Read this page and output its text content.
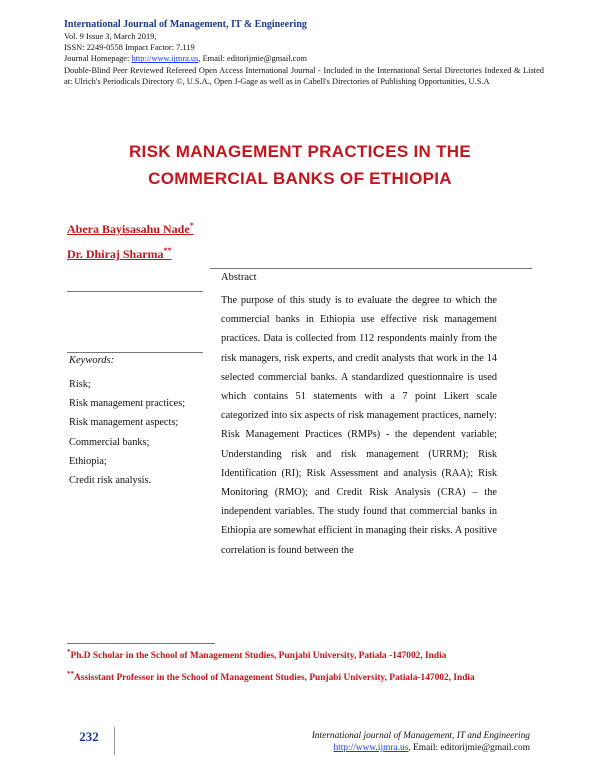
International Journal of Management, IT & Engineering
Vol. 9 Issue 3, March 2019,
ISSN: 2249-0558 Impact Factor: 7.119
Journal Homepage: http://www.ijmra.us, Email: editorijmie@gmail.com
Double-Blind Peer Reviewed Refereed Open Access International Journal - Included in the International Serial Directories Indexed & Listed at: Ulrich's Periodicals Directory ©, U.S.A., Open J-Gage as well as in Cabell's Directories of Publishing Opportunities, U.S.A
RISK MANAGEMENT PRACTICES IN THE
COMMERCIAL BANKS OF ETHIOPIA
Abera Bayisasahu Nade*
Dr. Dhiraj Sharma**
Abstract
The purpose of this study is to evaluate the degree to which the commercial banks in Ethiopia use effective risk management practices. Data is collected from 112 respondents mainly from the risk managers, risk experts, and credit analysts that work in the 14 selected commercial banks. A standardized questionnaire is used which contains 51 statements with a 7 point Likert scale categorized into six aspects of risk management practices, namely: Risk Management Practices (RMPs) - the dependent variable; Understanding risk and risk management (URRM); Risk Identification (RI); Risk Assessment and analysis (RAA); Risk Monitoring (RMO); and Credit Risk Analysis (CRA) – the independent variables. The study found that commercial banks in Ethiopia are somewhat efficient in managing their risks. A positive correlation is found between the
Keywords:
Risk;
Risk management practices;
Risk management aspects;
Commercial banks;
Ethiopia;
Credit risk analysis.
*Ph.D Scholar in the School of Management Studies, Punjabi University, Patiala -147002, India
**Assisstant Professor in the School of Management Studies, Punjabi University, Patiala-147002, India
232	International journal of Management, IT and Engineering
http://www.ijmra.us, Email: editorijmie@gmail.com
